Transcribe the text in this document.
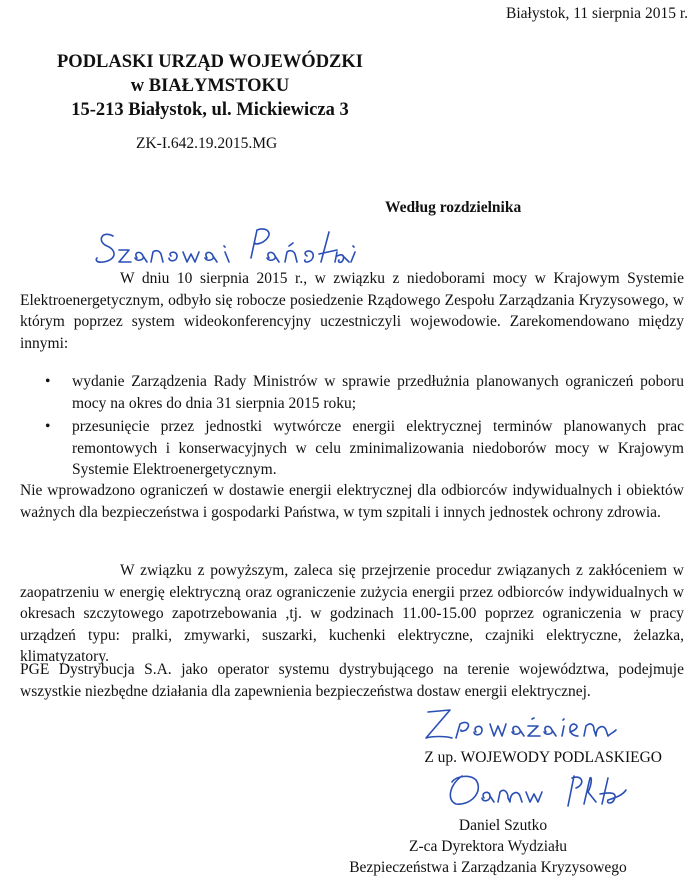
Białystok, 11 sierpnia 2015 r.
PODLASKI URZĄD WOJEWÓDZKI
w BIAŁYMSTOKU
15-213 Białystok, ul. Mickiewicza 3
ZK-I.642.19.2015.MG
Według rozdzielnika
W dniu 10 sierpnia 2015 r., w związku z niedoborami mocy w Krajowym Systemie Elektroenergetycznym, odbyło się robocze posiedzenie Rządowego Zespołu Zarządzania Kryzysowego, w którym poprzez system wideokonferencyjny uczestniczyli wojewodowie. Zarekomendowano między innymi:
• wydanie Zarządzenia Rady Ministrów w sprawie przedłużnia planowanych ograniczeń poboru mocy na okres do dnia 31 sierpnia 2015 roku;
• przesunięcie przez jednostki wytwórcze energii elektrycznej terminów planowanych prac remontowych i konserwacyjnych w celu zminimalizowania niedoborów mocy w Krajowym Systemie Elektroenergetycznym.
Nie wprowadzono ograniczeń w dostawie energii elektrycznej dla odbiorców indywidualnych i obiektów ważnych dla bezpieczeństwa i gospodarki Państwa, w tym szpitali i innych jednostek ochrony zdrowia.
W związku z powyższym, zaleca się przejrzenie procedur związanych z zakłóceniem w zaopatrzeniu w energię elektryczną oraz ograniczenie zużycia energii przez odbiorców indywidualnych w okresach szczytowego zapotrzebowania ,tj. w godzinach 11.00-15.00 poprzez ograniczenia w pracy urządzeń typu: pralki, zmywarki, suszarki, kuchenki elektryczne, czajniki elektryczne, żelazka, klimatyzatory.
PGE Dystrybucja S.A. jako operator systemu dystrybującego na terenie województwa, podejmuje wszystkie niezbędne działania dla zapewnienia bezpieczeństwa dostaw energii elektrycznej.
Z up. WOJEWODY PODLASKIEGO
Daniel Szutko
Z-ca Dyrektora Wydziału
Bezpieczeństwa i Zarządzania Kryzysowego
